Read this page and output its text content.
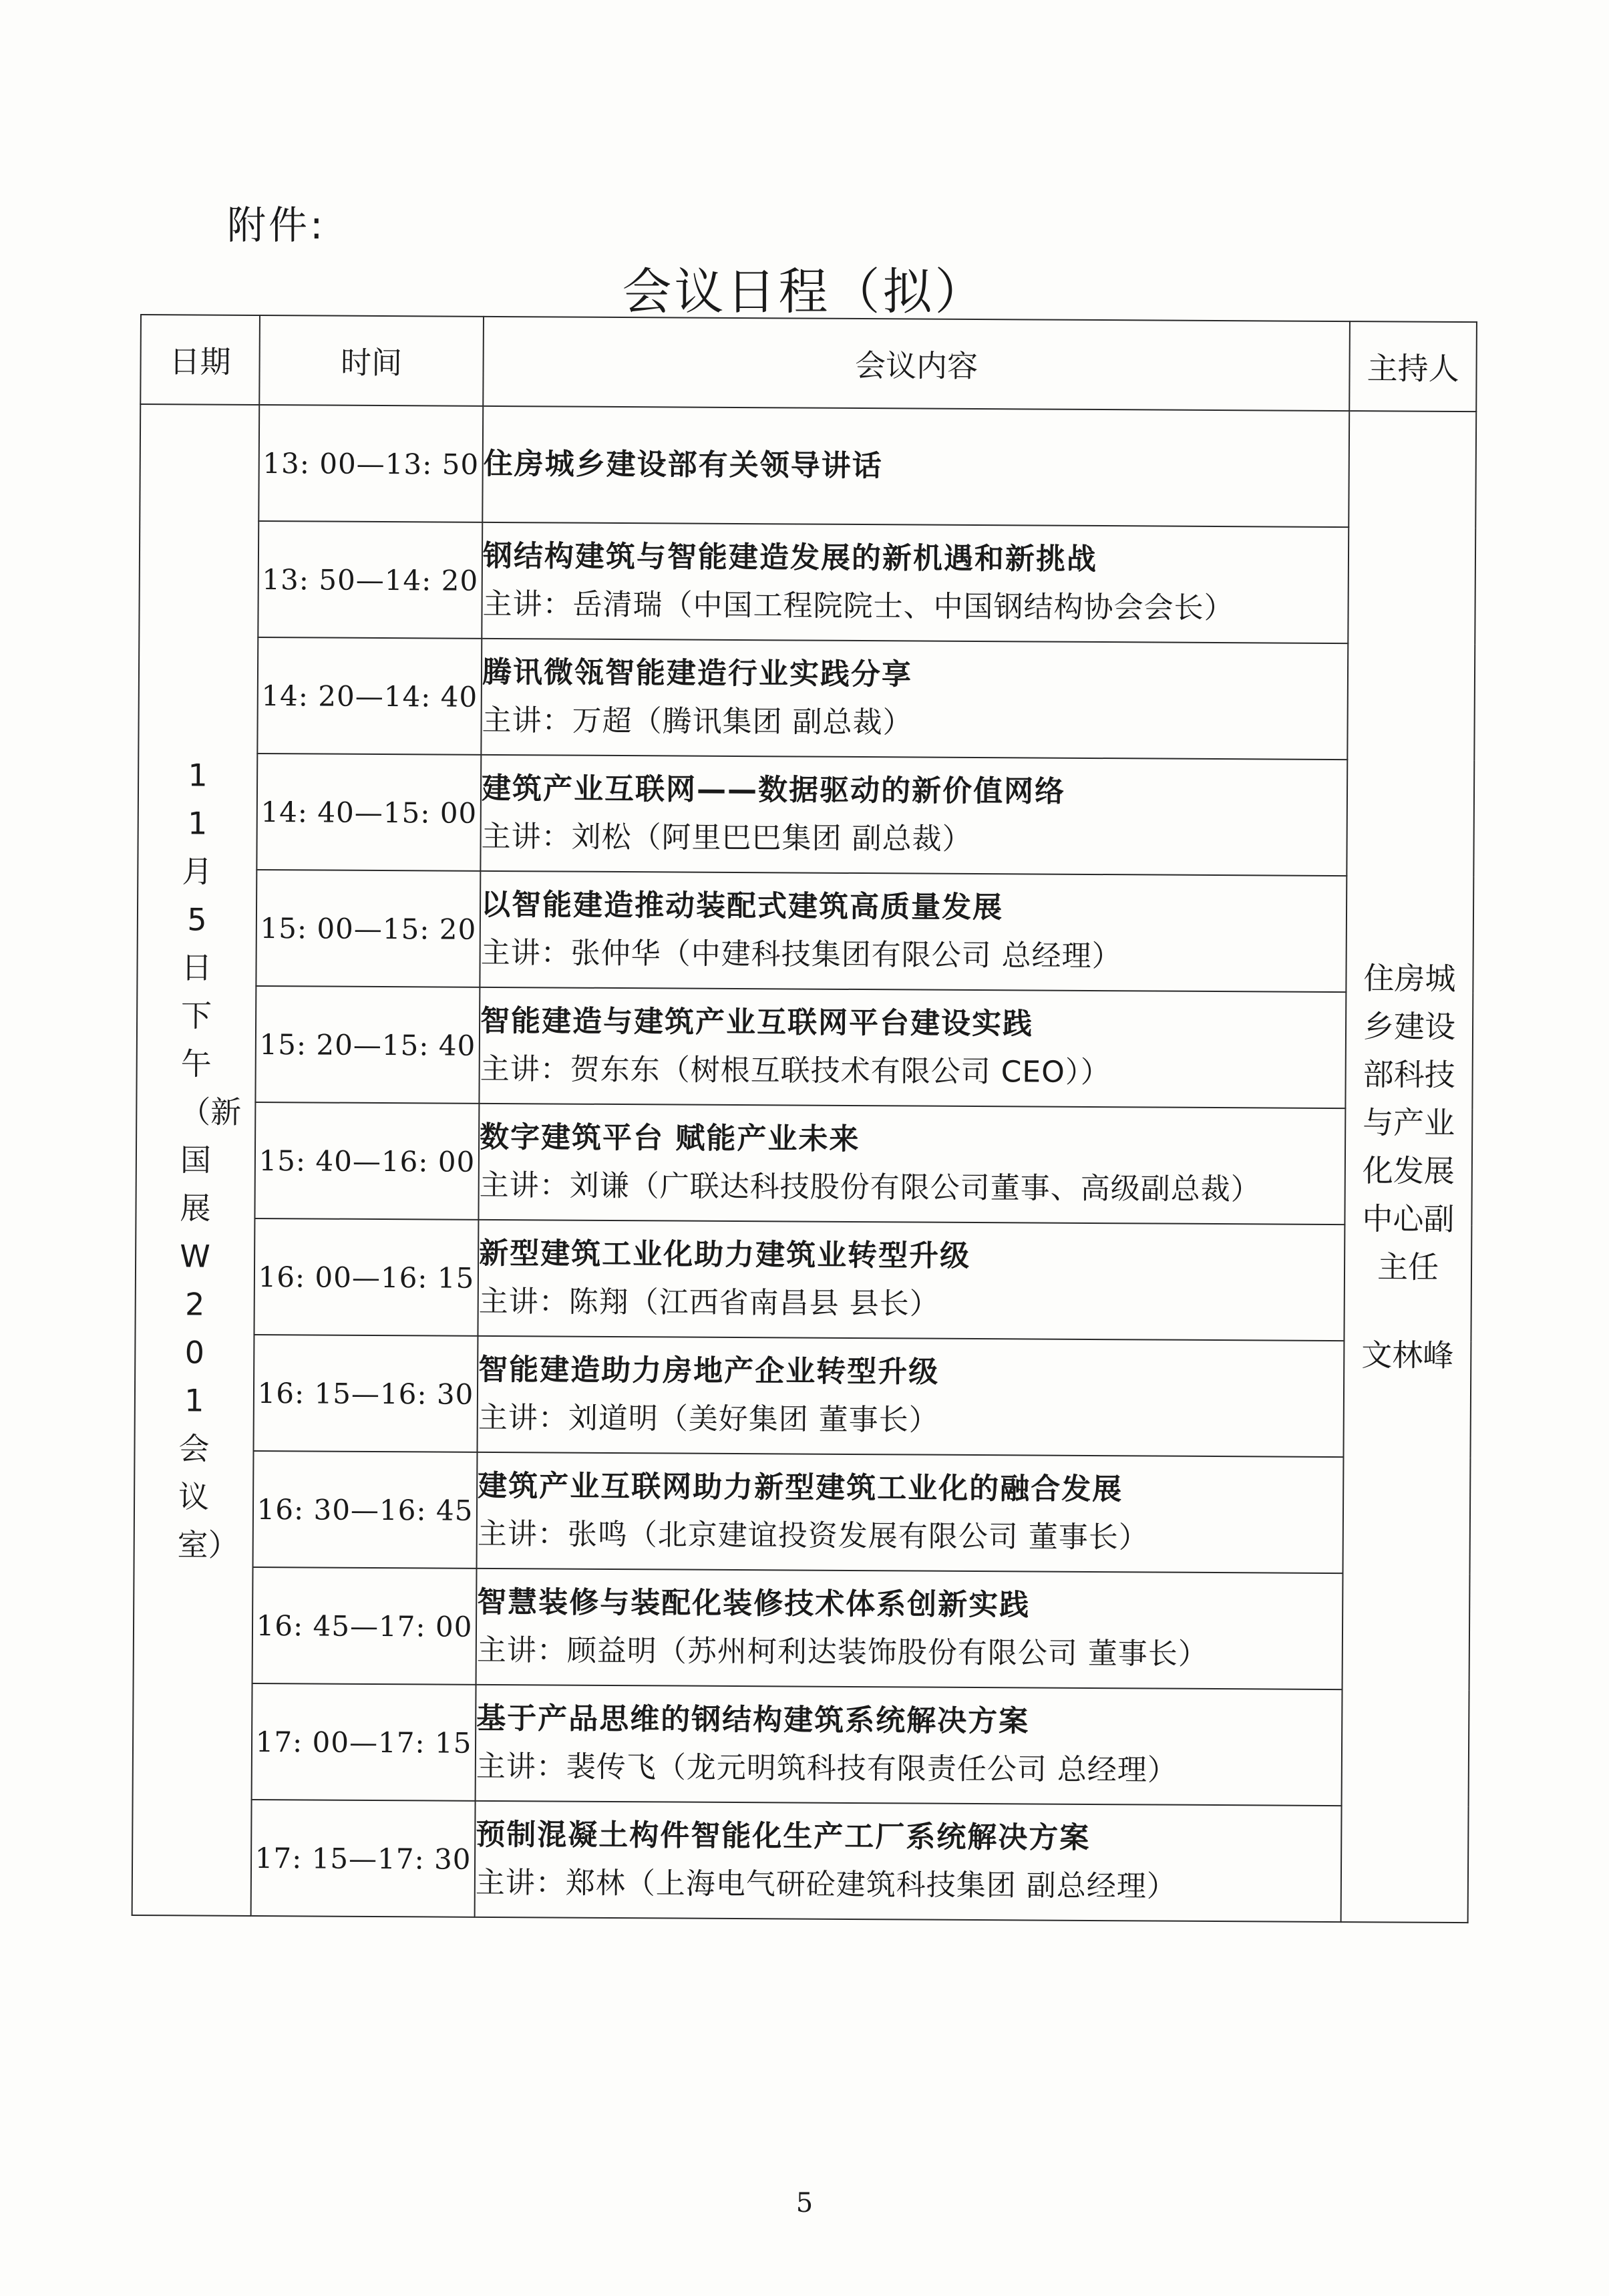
附件:
会议日程（拟）
日期	时间	会议内容	主持人
11月5日下午（新国展W201会议室）	13: 00—13: 50	住房城乡建设部有关领导讲话	住房城乡建设部科技与产业化发展中心副主任
文林峰

	13: 50—14: 20	钢结构建筑与智能建造发展的新机遇和新挑战
主讲：岳清瑞（中国工程院院士、中国钢结构协会会长）	

	14: 20—14: 40	腾讯微瓴智能建造行业实践分享
主讲：万超（腾讯集团 副总裁）	

	14: 40—15: 00	建筑产业互联网——数据驱动的新价值网络
主讲：刘松（阿里巴巴集团 副总裁）	

	15: 00—15: 20	以智能建造推动装配式建筑高质量发展
主讲：张仲华（中建科技集团有限公司 总经理）	

	15: 20—15: 40	智能建造与建筑产业互联网平台建设实践
主讲：贺东东（树根互联技术有限公司 CEO））	

	15: 40—16: 00	数字建筑平台 赋能产业未来
主讲：刘谦（广联达科技股份有限公司董事、高级副总裁）	

	16: 00—16: 15	新型建筑工业化助力建筑业转型升级
主讲：陈翔（江西省南昌县 县长）	

	16: 15—16: 30	智能建造助力房地产企业转型升级
主讲：刘道明（美好集团 董事长）	

	16: 30—16: 45	建筑产业互联网助力新型建筑工业化的融合发展
主讲：张鸣（北京建谊投资发展有限公司 董事长）	

	16: 45—17: 00	智慧装修与装配化装修技术体系创新实践
主讲：顾益明（苏州柯利达装饰股份有限公司 董事长）	

	17: 00—17: 15	基于产品思维的钢结构建筑系统解决方案
主讲：裴传飞（龙元明筑科技有限责任公司 总经理）	

	17: 15—17: 30	预制混凝土构件智能化生产工厂系统解决方案
主讲：郑林（上海电气研砼建筑科技集团 副总经理）	
5
